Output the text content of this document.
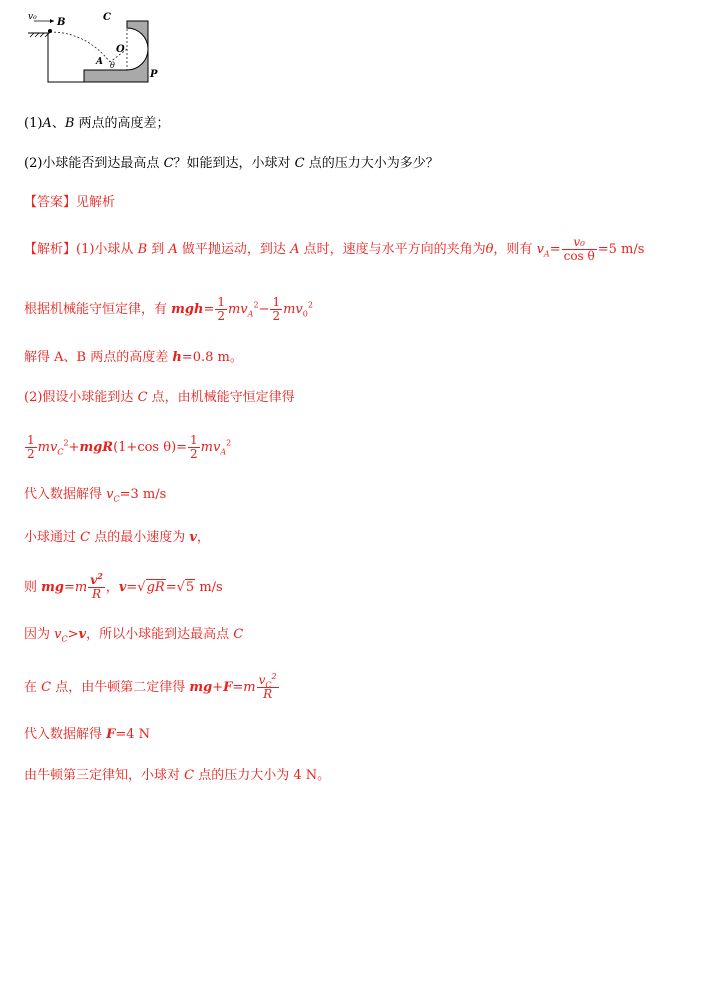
v₀ B	C
O
A θ
P
(1)A、B 两点的高度差；
(2)小球能否到达最高点 C？如能到达，小球对 C 点的压力大小为多少？
【答案】见解析
【解析】(1)小球从 B 到 A 做平抛运动，到达 A 点时，速度与水平方向的夹角为θ，则有 $v_A= \frac{\text{v₀}}{\text{cos θ}} =5$ m/s
根据机械能守恒定律，有 $mgh= \frac{1}{2} mv_A^2- \frac{1}{2} mv_0^2$
解得 A、B 两点的高度差 h=0.8 m。
(2)假设小球能到达 C 点，由机械能守恒定律得
$\frac{1}{2} mv_C^2+mgR(1+\cos$ $\theta)= \frac{1}{2} mv_A^2$
代入数据解得 $v_C=3$ m/s
小球通过 C 点的最小速度为 v，
则 $mg=m \frac{v^2}{R}$ ，v=√gR=√5 m/s
因为 $v_C>v$，所以小球能到达最高点 C
在 C 点，由牛顿第二定律得 $mg+F=m \frac{v_C^2}{R}$
代入数据解得 F=4 N
由牛顿第三定律知，小球对 C 点的压力大小为 4 N。
